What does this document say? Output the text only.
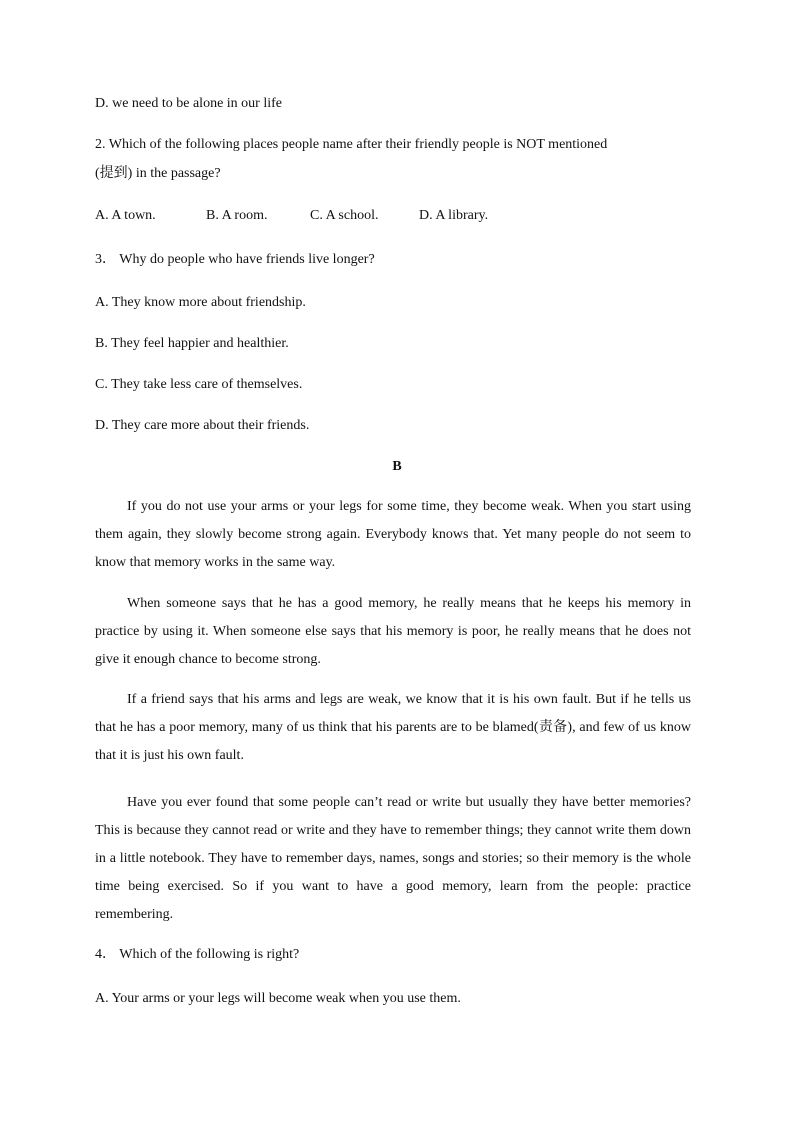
D. we need to be alone in our life
2. Which of the following places people name after their friendly people is NOT mentioned
(提到) in the passage?
A. A town.	B. A room.	C. A school.	D. A library.
3． Why do people who have friends live longer?
A. They know more about friendship.
B. They feel happier and healthier.
C. They take less care of themselves.
D. They care more about their friends.
B

If you do not use your arms or your legs for some time, they become weak. When you start using them again, they slowly become strong again. Everybody knows that. Yet many people do not seem to know that memory works in the same way.

When someone says that he has a good memory, he really means that he keeps his memory in practice by using it. When someone else says that his memory is poor, he really means that he does not give it enough chance to become strong.

If a friend says that his arms and legs are weak, we know that it is his own fault. But if he tells us that he has a poor memory, many of us think that his parents are to be blamed(责备), and few of us know that it is just his own fault.

Have you ever found that some people can’t read or write but usually they have better memories? This is because they cannot read or write and they have to remember things; they cannot write them down in a little notebook. They have to remember days, names, songs and stories; so their memory is the whole time being exercised. So if you want to have a good memory, learn from the people: practice remembering.

4． Which of the following is right?
A. Your arms or your legs will become weak when you use them.
